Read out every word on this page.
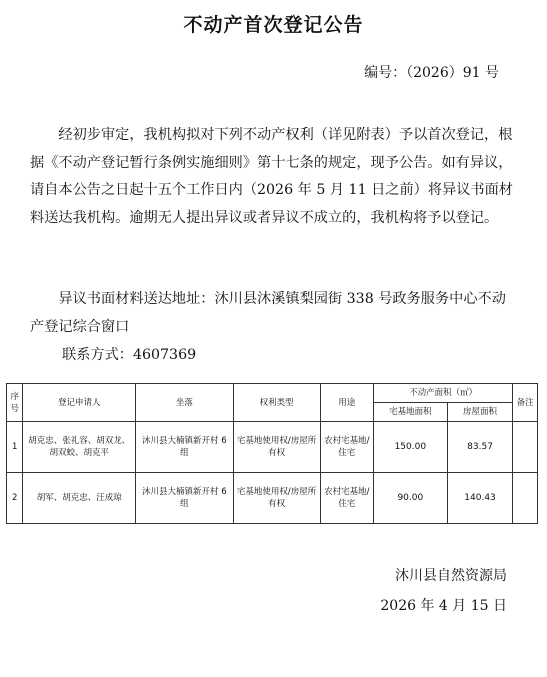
不动产首次登记公告
编号：（2026）91 号
经初步审定，我机构拟对下列不动产权利（详见附表）予以首次登记，根据《不动产登记暂行条例实施细则》第十七条的规定，现予公告。如有异议，请自本公告之日起十五个工作日内（2026 年 5 月 11 日之前）将异议书面材料送达我机构。逾期无人提出异议或者异议不成立的，我机构将予以登记。
异议书面材料送达地址：沐川县沐溪镇梨园街 338 号政务服务中心不动产登记综合窗口
联系方式：4607369
序号	登记申请人	坐落	权利类型	用途	不动产面积（㎡）		备注
					宅基地面积	房屋面积	
1	胡克忠、张礼容、胡双龙、胡双蛟、胡克平	沐川县大楠镇新开村 6 组	宅基地使用权/房屋所有权	农村宅基地/住宅	150.00	83.57	
2	胡军、胡克忠、汪成琼	沐川县大楠镇新开村 6 组	宅基地使用权/房屋所有权	农村宅基地/住宅	90.00	140.43	
沐川县自然资源局
2026 年 4 月 15 日
